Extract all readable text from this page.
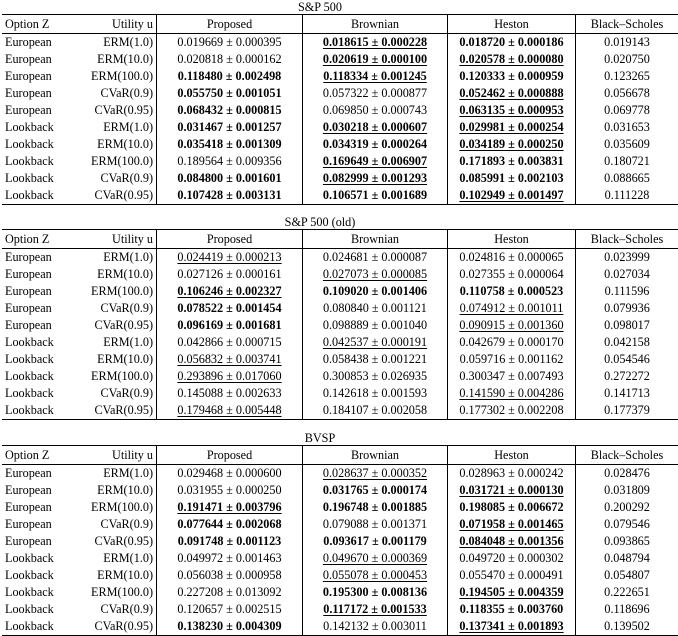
S&P 500
Option Z	Utility u	Proposed	Brownian	Heston	Black–Scholes
European	ERM(1.0)	0.019669 ± 0.000395	0.018615 ± 0.000228	0.018720 ± 0.000186	0.019143
European	ERM(10.0)	0.020818 ± 0.000162	0.020619 ± 0.000100	0.020578 ± 0.000080	0.020750
European	ERM(100.0)	0.118480 ± 0.002498	0.118334 ± 0.001245	0.120333 ± 0.000959	0.123265
European	CVaR(0.9)	0.055750 ± 0.001051	0.057322 ± 0.000877	0.052462 ± 0.000888	0.056678
European	CVaR(0.95)	0.068432 ± 0.000815	0.069850 ± 0.000743	0.063135 ± 0.000953	0.069778
Lookback	ERM(1.0)	0.031467 ± 0.001257	0.030218 ± 0.000607	0.029981 ± 0.000254	0.031653
Lookback	ERM(10.0)	0.035418 ± 0.001309	0.034319 ± 0.000264	0.034189 ± 0.000250	0.035609
Lookback	ERM(100.0)	0.189564 ± 0.009356	0.169649 ± 0.006907	0.171893 ± 0.003831	0.180721
Lookback	CVaR(0.9)	0.084800 ± 0.001601	0.082999 ± 0.001293	0.085991 ± 0.002103	0.088665
Lookback	CVaR(0.95)	0.107428 ± 0.003131	0.106571 ± 0.001689	0.102949 ± 0.001497	0.111228
S&P 500 (old)
Option Z	Utility u	Proposed	Brownian	Heston	Black–Scholes
European	ERM(1.0)	0.024419 ± 0.000213	0.024681 ± 0.000087	0.024816 ± 0.000065	0.023999
European	ERM(10.0)	0.027126 ± 0.000161	0.027073 ± 0.000085	0.027355 ± 0.000064	0.027034
European	ERM(100.0)	0.106246 ± 0.002327	0.109020 ± 0.001406	0.110758 ± 0.000523	0.111596
European	CVaR(0.9)	0.078522 ± 0.001454	0.080840 ± 0.001121	0.074912 ± 0.001011	0.079936
European	CVaR(0.95)	0.096169 ± 0.001681	0.098889 ± 0.001040	0.090915 ± 0.001360	0.098017
Lookback	ERM(1.0)	0.042866 ± 0.000715	0.042537 ± 0.000191	0.042679 ± 0.000170	0.042158
Lookback	ERM(10.0)	0.056832 ± 0.003741	0.058438 ± 0.001221	0.059716 ± 0.001162	0.054546
Lookback	ERM(100.0)	0.293896 ± 0.017060	0.300853 ± 0.026935	0.300347 ± 0.007493	0.272272
Lookback	CVaR(0.9)	0.145088 ± 0.002633	0.142618 ± 0.001593	0.141590 ± 0.004286	0.141713
Lookback	CVaR(0.95)	0.179468 ± 0.005448	0.184107 ± 0.002058	0.177302 ± 0.002208	0.177379
BVSP
Option Z	Utility u	Proposed	Brownian	Heston	Black–Scholes
European	ERM(1.0)	0.029468 ± 0.000600	0.028637 ± 0.000352	0.028963 ± 0.000242	0.028476
European	ERM(10.0)	0.031955 ± 0.000250	0.031765 ± 0.000174	0.031721 ± 0.000130	0.031809
European	ERM(100.0)	0.191471 ± 0.003796	0.196748 ± 0.001885	0.198085 ± 0.006672	0.200292
European	CVaR(0.9)	0.077644 ± 0.002068	0.079088 ± 0.001371	0.071958 ± 0.001465	0.079546
European	CVaR(0.95)	0.091748 ± 0.001123	0.093617 ± 0.001179	0.084048 ± 0.001356	0.093865
Lookback	ERM(1.0)	0.049972 ± 0.001463	0.049670 ± 0.000369	0.049720 ± 0.000302	0.048794
Lookback	ERM(10.0)	0.056038 ± 0.000958	0.055078 ± 0.000453	0.055470 ± 0.000491	0.054807
Lookback	ERM(100.0)	0.227208 ± 0.013092	0.195300 ± 0.008136	0.194505 ± 0.004359	0.222651
Lookback	CVaR(0.9)	0.120657 ± 0.002515	0.117172 ± 0.001533	0.118355 ± 0.003760	0.118696
Lookback	CVaR(0.95)	0.138230 ± 0.004309	0.142132 ± 0.003011	0.137341 ± 0.001893	0.139502
